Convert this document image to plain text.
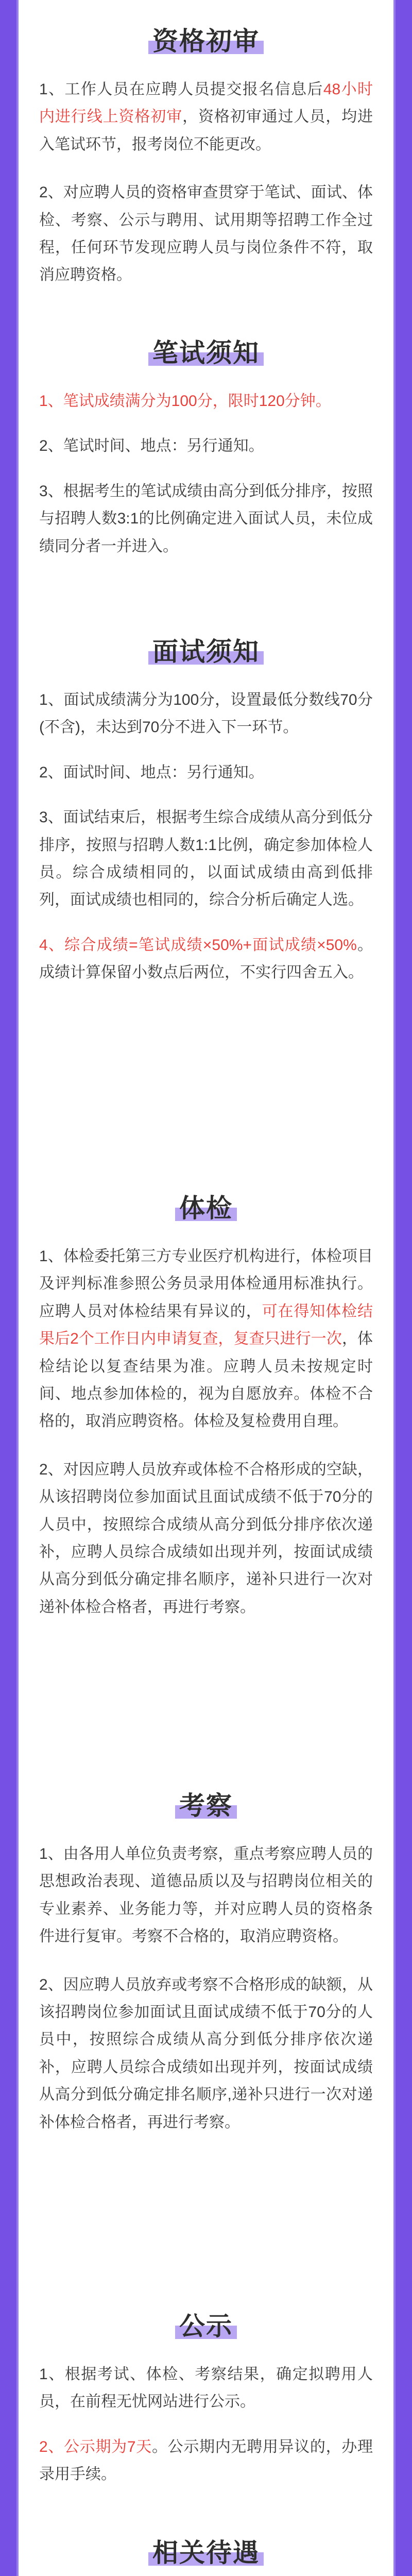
资格初审

1、工作人员在应聘人员提交报名信息后48小时内进行线上资格初审，资格初审通过人员，均进入笔试环节，报考岗位不能更改。

2、对应聘人员的资格审查贯穿于笔试、面试、体检、考察、公示与聘用、试用期等招聘工作全过程，任何环节发现应聘人员与岗位条件不符，取消应聘资格。

笔试须知

1、笔试成绩满分为100分，限时120分钟。

2、笔试时间、地点：另行通知。

3、根据考生的笔试成绩由高分到低分排序，按照与招聘人数3:1的比例确定进入面试人员，未位成绩同分者一并进入。

面试须知

1、面试成绩满分为100分，设置最低分数线70分(不含)，未达到70分不进入下一环节。

2、面试时间、地点：另行通知。

3、面试结束后，根据考生综合成绩从高分到低分排序，按照与招聘人数1:1比例，确定参加体检人员。综合成绩相同的，以面试成绩由高到低排列，面试成绩也相同的，综合分析后确定人选。

4、综合成绩=笔试成绩×50%+面试成绩×50%。成绩计算保留小数点后两位，不实行四舍五入。

体检

1、体检委托第三方专业医疗机构进行，体检项目及评判标准参照公务员录用体检通用标准执行。应聘人员对体检结果有异议的，可在得知体检结果后2个工作日内申请复查，复查只进行一次，体检结论以复查结果为准。应聘人员未按规定时间、地点参加体检的，视为自愿放弃。体检不合格的，取消应聘资格。体检及复检费用自理。

2、对因应聘人员放弃或体检不合格形成的空缺，从该招聘岗位参加面试且面试成绩不低于70分的人员中，按照综合成绩从高分到低分排序依次递补，应聘人员综合成绩如出现并列，按面试成绩从高分到低分确定排名顺序，递补只进行一次对递补体检合格者，再进行考察。

考察

1、由各用人单位负责考察，重点考察应聘人员的思想政治表现、道德品质以及与招聘岗位相关的专业素养、业务能力等，并对应聘人员的资格条件进行复审。考察不合格的，取消应聘资格。

2、因应聘人员放弃或考察不合格形成的缺额，从该招聘岗位参加面试且面试成绩不低于70分的人员中，按照综合成绩从高分到低分排序依次递补，应聘人员综合成绩如出现并列，按面试成绩从高分到低分确定排名顺序,递补只进行一次对递补体检合格者，再进行考察。

公示

1、根据考试、体检、考察结果，确定拟聘用人员，在前程无忧网站进行公示。

2、公示期为7天。公示期内无聘用异议的，办理录用手续。

相关待遇
